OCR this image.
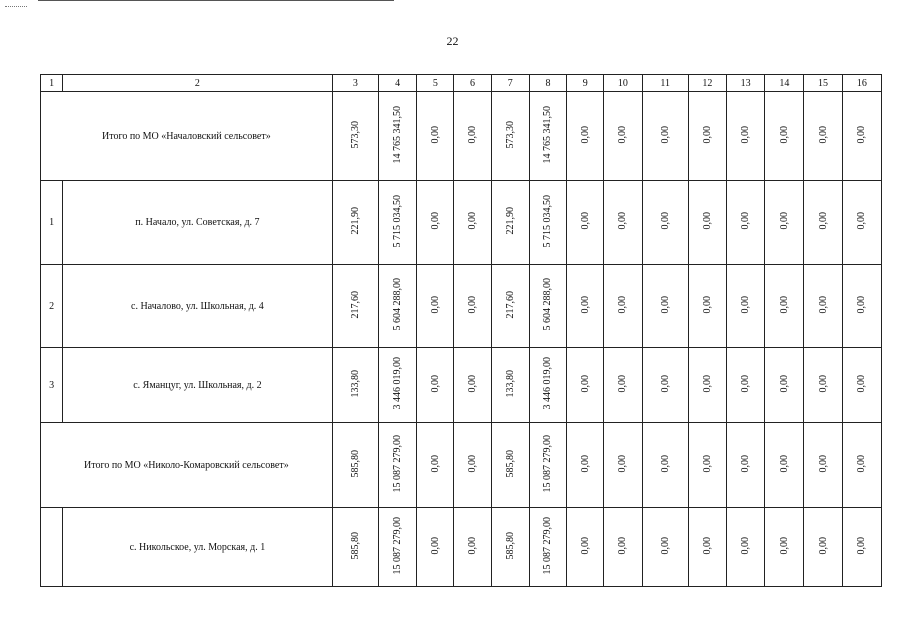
22
1	2	3	4	5	6	7	8	9	10	11	12	13	14	15	16
Итого по МО «Началовский сельсовет»		573,30	14 765 341,50	0,00	0,00	573,30	14 765 341,50	0,00	0,00	0,00	0,00	0,00	0,00	0,00	0,00
1	п. Начало, ул. Советская, д. 7	221,90	5 715 034,50	0,00	0,00	221,90	5 715 034,50	0,00	0,00	0,00	0,00	0,00	0,00	0,00	0,00
2	с. Началово, ул. Школьная, д. 4	217,60	5 604 288,00	0,00	0,00	217,60	5 604 288,00	0,00	0,00	0,00	0,00	0,00	0,00	0,00	0,00
3	с. Яманцуг, ул. Школьная, д. 2	133,80	3 446 019,00	0,00	0,00	133,80	3 446 019,00	0,00	0,00	0,00	0,00	0,00	0,00	0,00	0,00
Итого по МО «Николо-Комаровский сельсовет»		585,80	15 087 279,00	0,00	0,00	585,80	15 087 279,00	0,00	0,00	0,00	0,00	0,00	0,00	0,00	0,00
	с. Никольское, ул. Морская, д. 1	585,80	15 087 279,00	0,00	0,00	585,80	15 087 279,00	0,00	0,00	0,00	0,00	0,00	0,00	0,00	0,00
